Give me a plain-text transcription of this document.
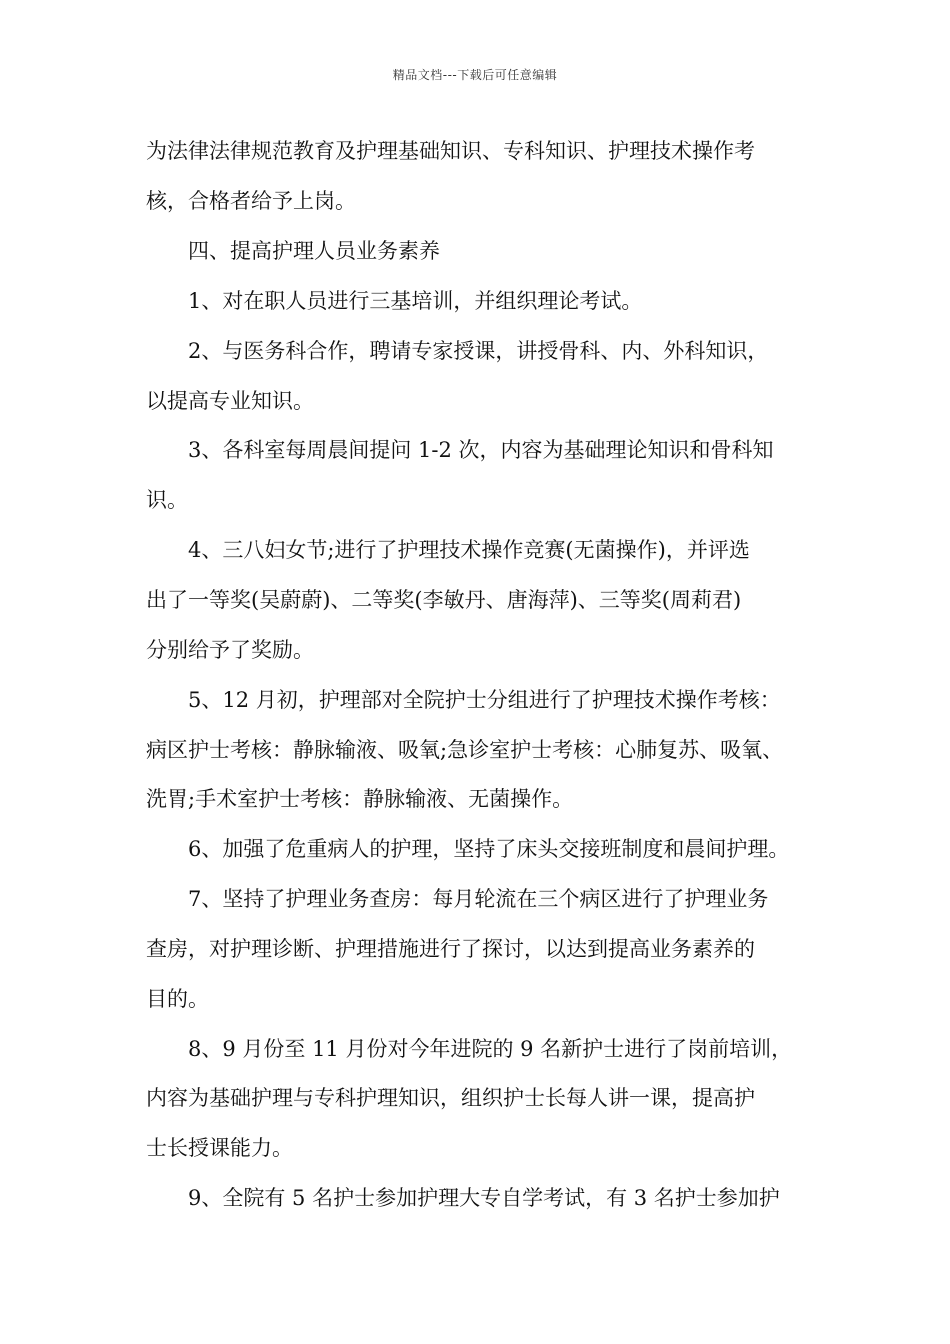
精品文档---下载后可任意编辑
为法律法律规范教育及护理基础知识、专科知识、护理技术操作考
核，合格者给予上岗。
四、提高护理人员业务素养
1、对在职人员进行三基培训，并组织理论考试。
2、与医务科合作，聘请专家授课，讲授骨科、内、外科知识，
以提高专业知识。
3、各科室每周晨间提问 1-2 次，内容为基础理论知识和骨科知
识。
4、三八妇女节;进行了护理技术操作竞赛(无菌操作)，并评选
出了一等奖(吴蔚蔚)、二等奖(李敏丹、唐海萍)、三等奖(周莉君)
分别给予了奖励。
5、12 月初，护理部对全院护士分组进行了护理技术操作考核：
病区护士考核：静脉输液、吸氧;急诊室护士考核：心肺复苏、吸氧、
洗胃;手术室护士考核：静脉输液、无菌操作。
6、加强了危重病人的护理，坚持了床头交接班制度和晨间护理。
7、坚持了护理业务查房：每月轮流在三个病区进行了护理业务
查房，对护理诊断、护理措施进行了探讨，以达到提高业务素养的
目的。
8、9 月份至 11 月份对今年进院的 9 名新护士进行了岗前培训，
内容为基础护理与专科护理知识，组织护士长每人讲一课，提高护
士长授课能力。
9、全院有 5 名护士参加护理大专自学考试，有 3 名护士参加护
